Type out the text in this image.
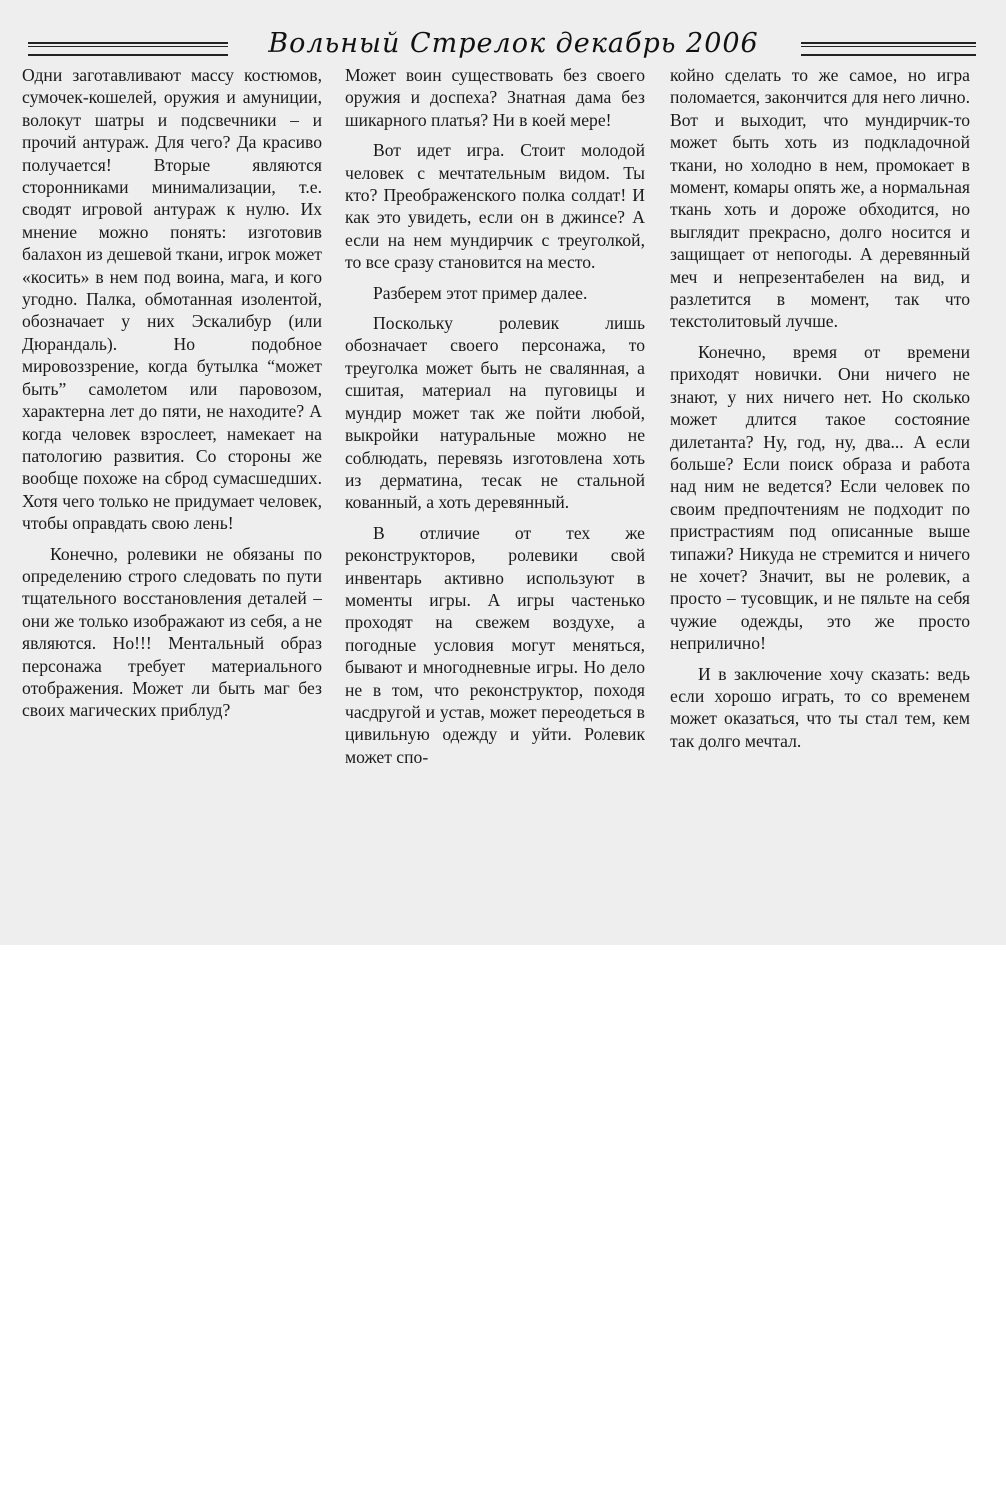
Вольный Стрелок декабрь 2006

Одни заготавливают массу костюмов, сумочек-кошелей, оружия и амуниции, волокут шатры и подсвечники – и прочий антураж. Для чего? Да красиво получается! Вторые являются сторонниками минимализации, т.е. сводят игровой антураж к нулю. Их мнение можно понять: изготовив балахон из дешевой ткани, игрок может «косить» в нем под воина, мага, и кого угодно. Палка, обмотанная изолентой, обозначает у них Эскалибур (или Дюрандаль). Но подобное мировоззрение, когда бутылка “может быть” самолетом или паровозом, характерна лет до пяти, не находите? А когда человек взрослеет, намекает на патологию развития. Со стороны же вообще похоже на сброд сумасшедших. Хотя чего только не придумает человек, чтобы оправдать свою лень!

Конечно, ролевики не обязаны по определению строго следовать по пути тщательного восстановления деталей – они же только изображают из себя, а не являются. Но!!! Ментальный образ персонажа требует материального отображения. Может ли быть маг без своих магических приблуд?

Может воин существовать без своего оружия и доспеха? Знатная дама без шикарного платья? Ни в коей мере!

Вот идет игра. Стоит молодой человек с мечтательным видом. Ты кто? Преображенского полка солдат! И как это увидеть, если он в джинсе? А если на нем мундирчик с треуголкой, то все сразу становится на место.

Разберем этот пример далее.

Поскольку ролевик лишь обозначает своего персонажа, то треуголка может быть не свалянная, а сшитая, материал на пуговицы и мундир может так же пойти любой, выкройки натуральные можно не соблюдать, перевязь изготовлена хоть из дерматина, тесак не стальной кованный, а хоть деревянный.

В отличие от тех же реконструкторов, ролевики свой инвентарь активно используют в моменты игры. А игры частенько проходят на свежем воздухе, а погодные условия могут меняться, бывают и многодневные игры. Но дело не в том, что реконструктор, походя часдругой и устав, может переодеться в цивильную одежду и уйти. Ролевик может спо-

койно сделать то же самое, но игра поломается, закончится для него лично. Вот и выходит, что мундирчик-то может быть хоть из подкладочной ткани, но холодно в нем, промокает в момент, комары опять же, а нормальная ткань хоть и дороже обходится, но выглядит прекрасно, долго носится и защищает от непогоды. А деревянный меч и непрезентабелен на вид, и разлетится в момент, так что текстолитовый лучше.

Конечно, время от времени приходят новички. Они ничего не знают, у них ничего нет. Но сколько может длится такое состояние дилетанта? Ну, год, ну, два... А если больше? Если поиск образа и работа над ним не ведется? Если человек по своим предпочтениям не подходит по пристрастиям под описанные выше типажи? Никуда не стремится и ничего не хочет? Значит, вы не ролевик, а просто – тусовщик, и не пяльте на себя чужие одежды, это же просто неприлично!

И в заключение хочу сказать: ведь если хорошо играть, то со временем может оказаться, что ты стал тем, кем так долго мечтал.
